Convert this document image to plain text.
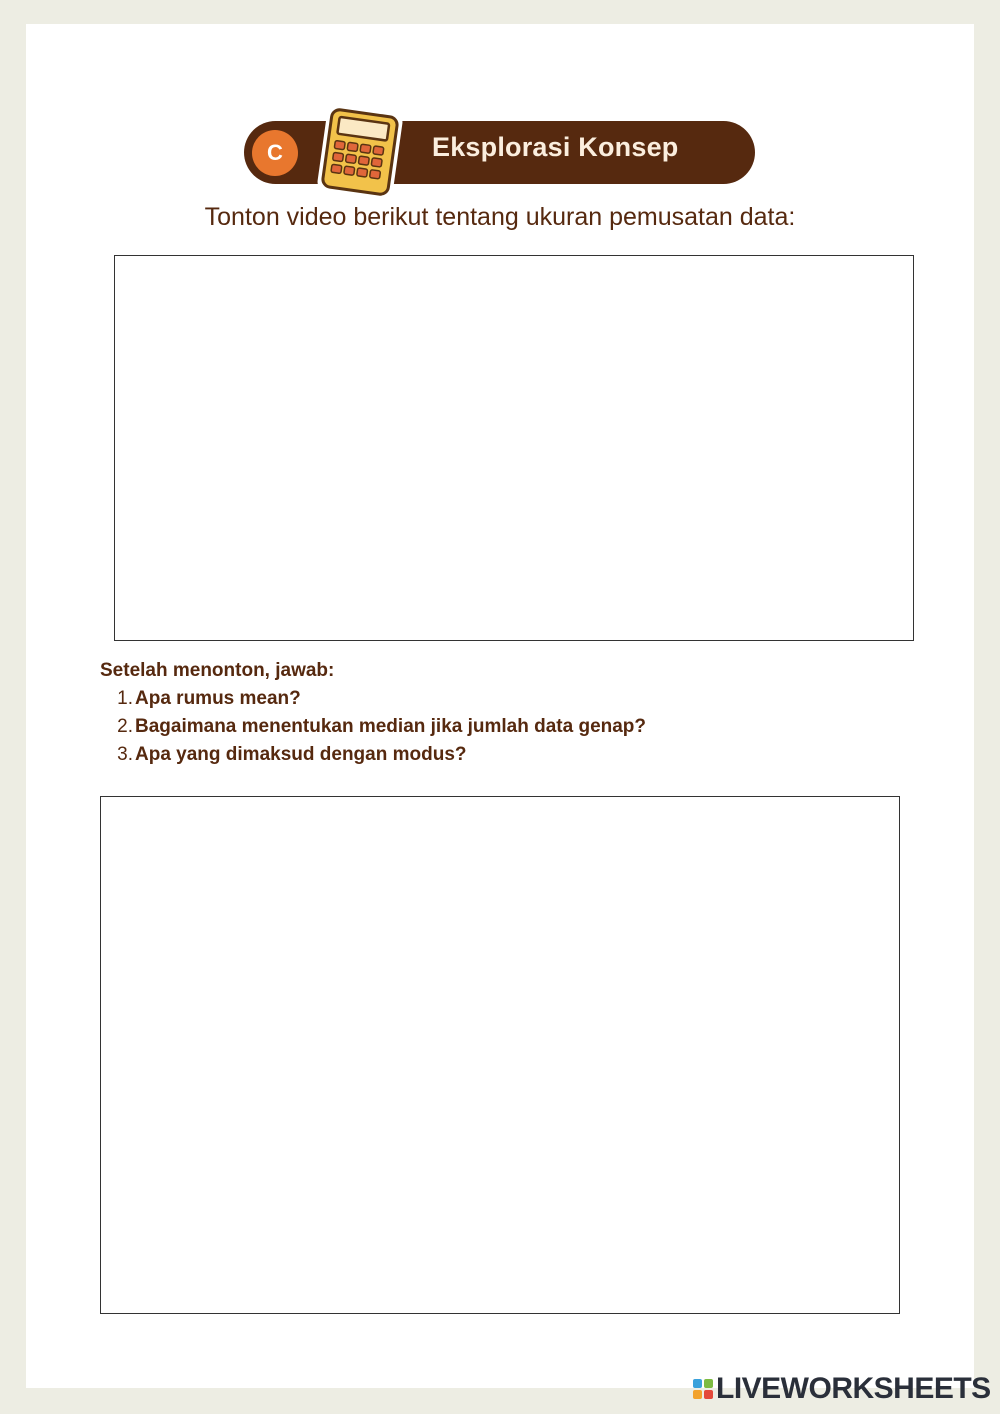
C	Eksplorasi Konsep
Tonton video berikut tentang ukuran pemusatan data:
Setelah menonton, jawab:
1. Apa rumus mean?
2. Bagaimana menentukan median jika jumlah data genap?
3. Apa yang dimaksud dengan modus?
LIVEWORKSHEETS
